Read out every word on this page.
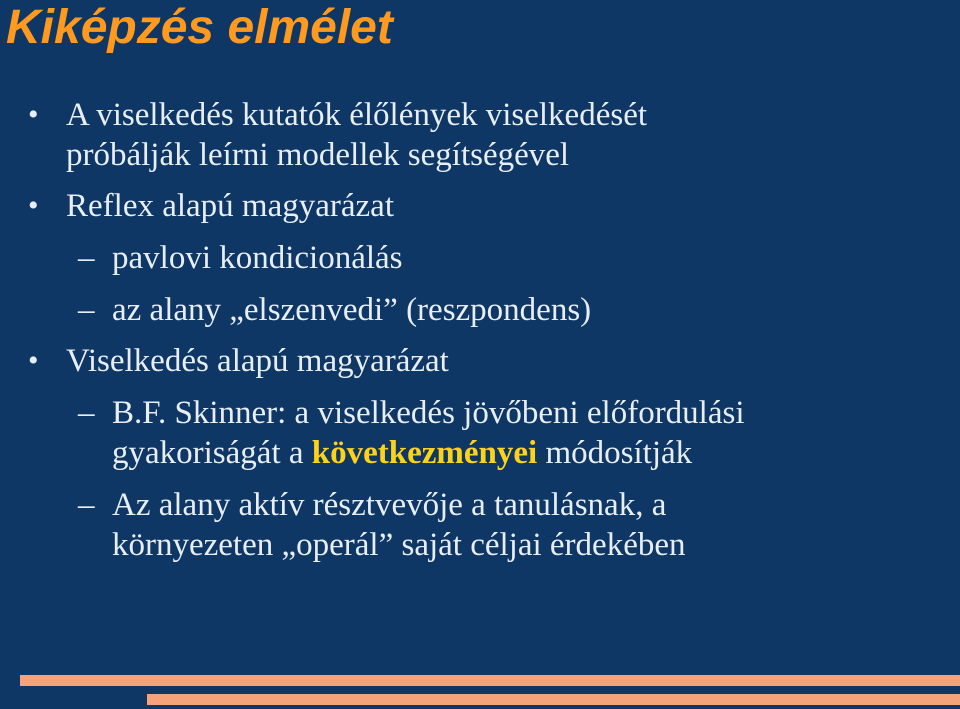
Kiképzés elmélet
• A viselkedés kutatók élőlények viselkedését próbálják leírni modellek segítségével
• Reflex alapú magyarázat
– pavlovi kondicionálás
– az alany „elszenvedi” (reszpondens)
• Viselkedés alapú magyarázat
– B.F. Skinner: a viselkedés jövőbeni előfordulási gyakoriságát a következményei módosítják
– Az alany aktív résztvevője a tanulásnak, a környezeten „operál” saját céljai érdekében
